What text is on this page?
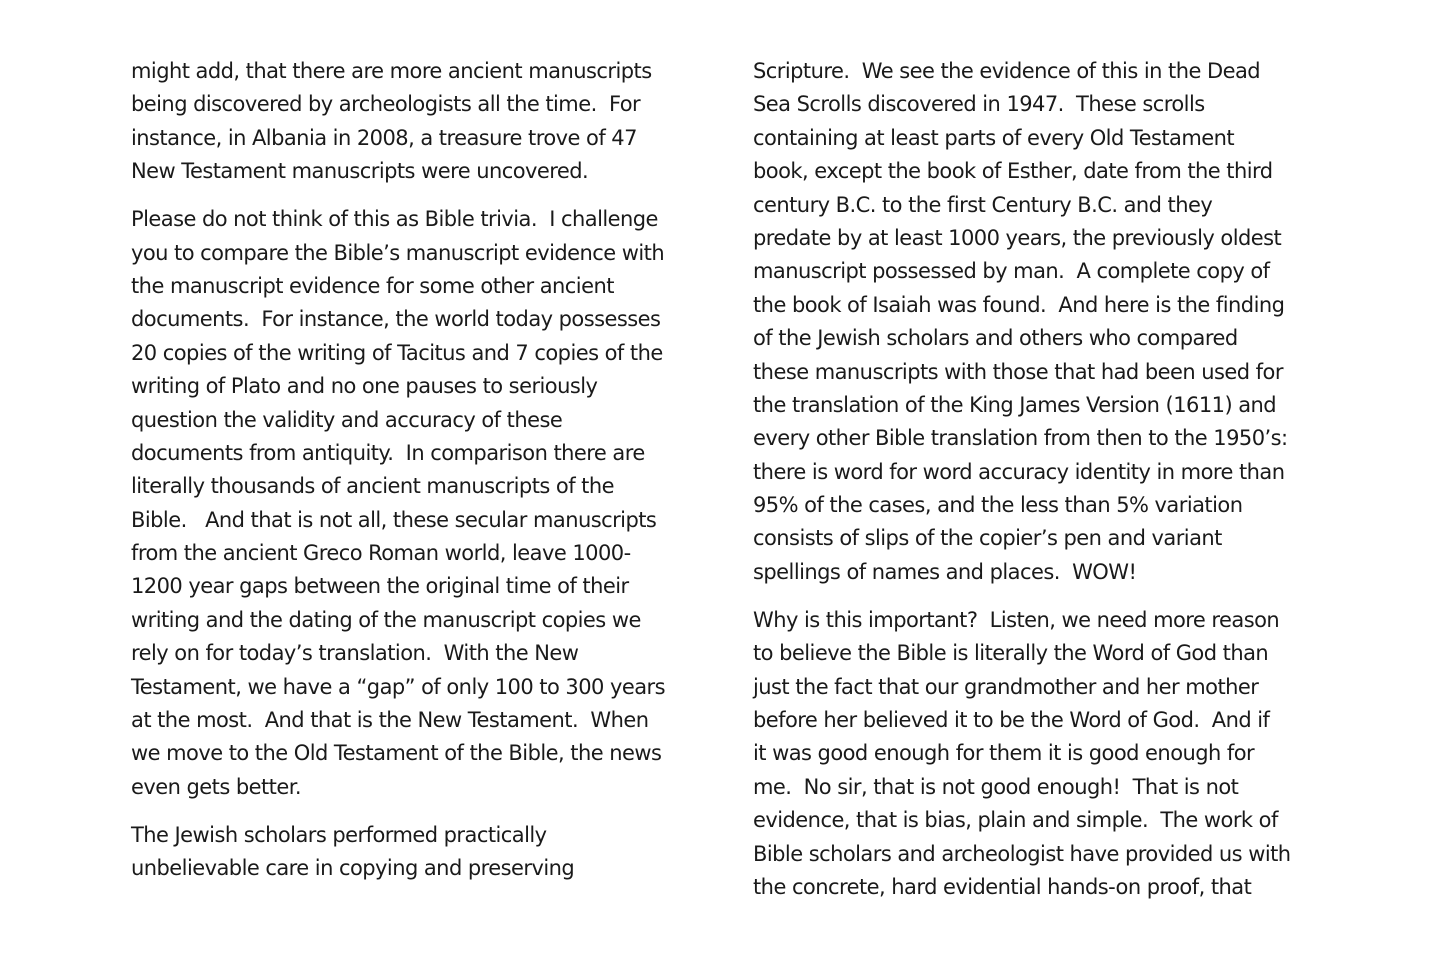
might add, that there are more ancient manuscripts
being discovered by archeologists all the time.  For
instance, in Albania in 2008, a treasure trove of 47
New Testament manuscripts were uncovered.
Please do not think of this as Bible trivia.  I challenge
you to compare the Bible’s manuscript evidence with
the manuscript evidence for some other ancient
documents.  For instance, the world today possesses
20 copies of the writing of Tacitus and 7 copies of the
writing of Plato and no one pauses to seriously
question the validity and accuracy of these
documents from antiquity.  In comparison there are
literally thousands of ancient manuscripts of the
Bible.   And that is not all, these secular manuscripts
from the ancient Greco Roman world, leave 1000-
1200 year gaps between the original time of their
writing and the dating of the manuscript copies we
rely on for today’s translation.  With the New
Testament, we have a “gap” of only 100 to 300 years
at the most.  And that is the New Testament.  When
we move to the Old Testament of the Bible, the news
even gets better.
The Jewish scholars performed practically
unbelievable care in copying and preserving
Scripture.  We see the evidence of this in the Dead
Sea Scrolls discovered in 1947.  These scrolls
containing at least parts of every Old Testament
book, except the book of Esther, date from the third
century B.C. to the first Century B.C. and they
predate by at least 1000 years, the previously oldest
manuscript possessed by man.  A complete copy of
the book of Isaiah was found.  And here is the finding
of the Jewish scholars and others who compared
these manuscripts with those that had been used for
the translation of the King James Version (1611) and
every other Bible translation from then to the 1950’s:
there is word for word accuracy identity in more than
95% of the cases, and the less than 5% variation
consists of slips of the copier’s pen and variant
spellings of names and places.  WOW!
Why is this important?  Listen, we need more reason
to believe the Bible is literally the Word of God than
just the fact that our grandmother and her mother
before her believed it to be the Word of God.  And if
it was good enough for them it is good enough for
me.  No sir, that is not good enough!  That is not
evidence, that is bias, plain and simple.  The work of
Bible scholars and archeologist have provided us with
the concrete, hard evidential hands-on proof, that
